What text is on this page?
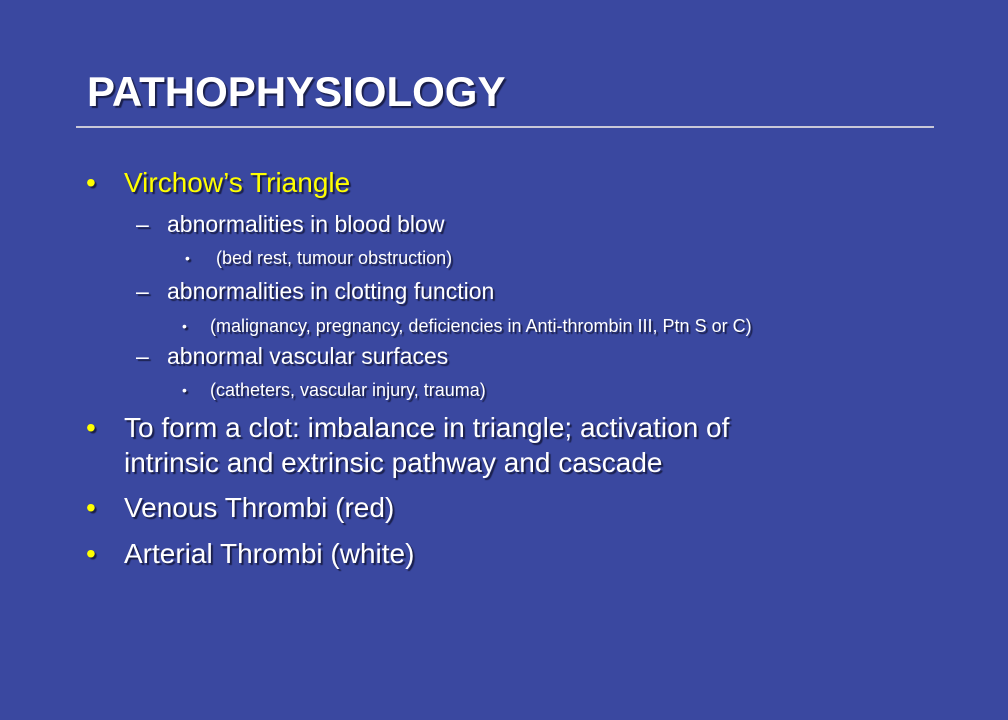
PATHOPHYSIOLOGY
• Virchow’s Triangle
– abnormalities in blood blow
• (bed rest, tumour obstruction)
– abnormalities in clotting function
• (malignancy, pregnancy, deficiencies in Anti-thrombin III, Ptn S or C)
– abnormal vascular surfaces
• (catheters, vascular injury, trauma)
• To form a clot: imbalance in triangle; activation of
intrinsic and extrinsic pathway and cascade
• Venous Thrombi (red)
• Arterial Thrombi (white)
